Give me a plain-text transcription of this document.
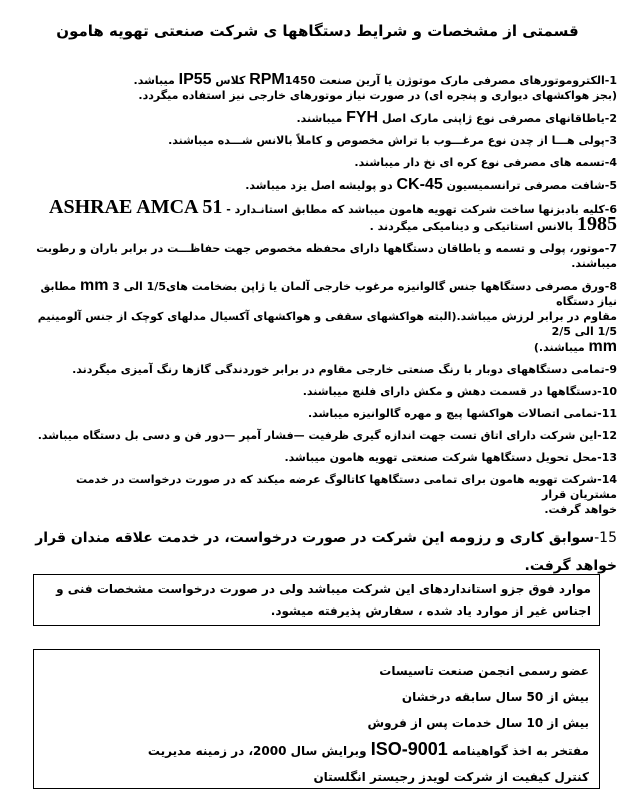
قسمتی از مشخصات و شرایط دستگاهها ی شرکت صنعتی تهویه هامون
1-الکتروموتورهای مصرفی مارک موتوژن یا آرین صنعت RPM1450 کلاس IP55 میباشد.
(بجز هواکشهای دیواری و پنجره ای) در صورت نیاز موتورهای خارجی نیز استفاده میگردد.
2-یاطاقانهای مصرفی نوع ژاپنی مارک اصل FYH میباشند.
3-پولی هـــا از چدن نوع مرغـــوب با تراش مخصوص و کاملاً بالانس شـــده میباشند.
4-تسمه های مصرفی نوع کره ای نخ دار میباشند.
5-شافت مصرفی ترانسمیسیون CK-45 دو پولیشه اصل یزد میباشد.
6-کلیه بادبزنها ساخت شرکت تهویه هامون میباشد که مطابق استانـدارد - ASHRAE AMCA 51
1985 بالانس استاتیکی و دینامیکی میگردند .
7-موتور، پولی و تسمه و یاطاقان دستگاهها دارای محفظه مخصوص جهت حفاظـــت در برابر باران و رطوبت میباشند.
8-ورق مصرفی دستگاهها جنس گالوانیزه مرغوب خارجی آلمان یا ژاپن بضخامت های1/5 الی 3 mm مطابق نیاز دستگاه
مقاوم در برابر لرزش میباشد.(البته هواکشهای سقفی و هواکشهای آکسیال مدلهای کوچک از جنس آلومینیم 1/5 الی 2/5
mm میباشند.)
9-تمامی دستگاههای دوبار با رنگ صنعتی خارجی مقاوم در برابر خوردندگی گازها رنگ آمیزی میگردند.
10-دستگاهها در قسمت دهش و مکش دارای فلنچ میباشند.
11-تمامی اتصالات هواکشها پیچ و مهره گالوانیزه میباشد.
12-این شرکت دارای اتاق تست جهت اندازه گیری ظرفیت —فشار آمپر —دور فن و دسی بل دستگاه میباشد.
13-محل تحویل دستگاهها شرکت صنعتی تهویه هامون میباشد.
14-شرکت تهویه هامون برای تمامی دستگاهها کاتالوگ عرضه میکند که در صورت درخواست در خدمت مشتریان قرار
خواهد گرفت.
15-سوابق کاری و رزومه این شرکت در صورت درخواست، در خدمت علاقه مندان قرار خواهد گرفت.
موارد فوق جزو استانداردهای این شرکت میباشد ولی در صورت درخواست مشخصات فنی و اجناس غیر از موارد یاد شده ، سفارش پذیرفته میشود.
عضو رسمی انجمن صنعت تاسیسات
بیش از 50 سال سابقه درخشان
بیش از 10 سال خدمات پس از فروش
مفتخر به اخذ گواهینامه ISO-9001 وبرایش سال 2000، در زمینه مدیریت
کنترل کیفیت از شرکت لویدز رجیستر انگلستان
